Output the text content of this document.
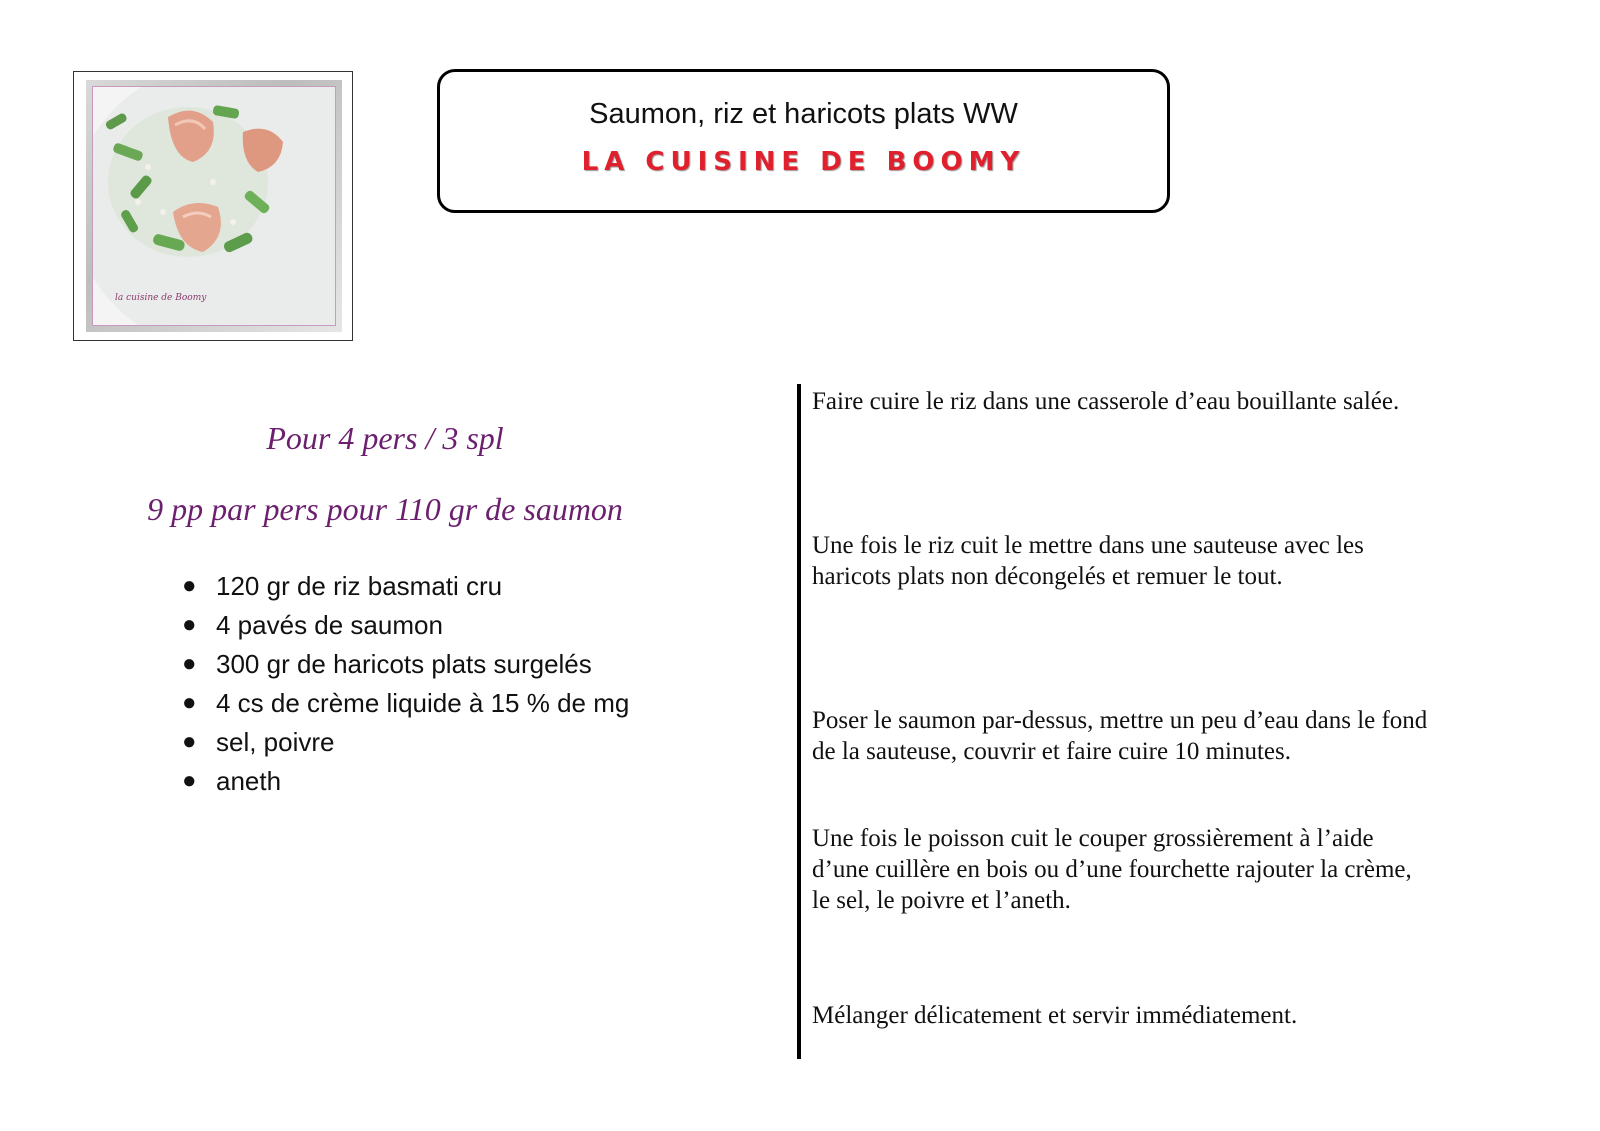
la cuisine de Boomy
Saumon, riz et haricots plats WW
LA CUISINE DE BOOMY
Pour 4 pers / 3 spl
9 pp par pers pour 110 gr de saumon
● 120 gr de riz basmati cru
● 4 pavés de saumon
● 300 gr de haricots plats surgelés
● 4 cs de crème liquide à 15 % de mg
● sel, poivre
● aneth

Faire cuire le riz dans une casserole d’eau bouillante salée.

Une fois le riz cuit le mettre dans une sauteuse avec les haricots plats non décongelés et remuer le tout.

Poser le saumon par-dessus, mettre un peu d’eau dans le fond de la sauteuse, couvrir et faire cuire 10 minutes.

Une fois le poisson cuit le couper grossièrement à l’aide d’une cuillère en bois ou d’une fourchette rajouter la crème, le sel, le poivre et l’aneth.

Mélanger délicatement et servir immédiatement.
